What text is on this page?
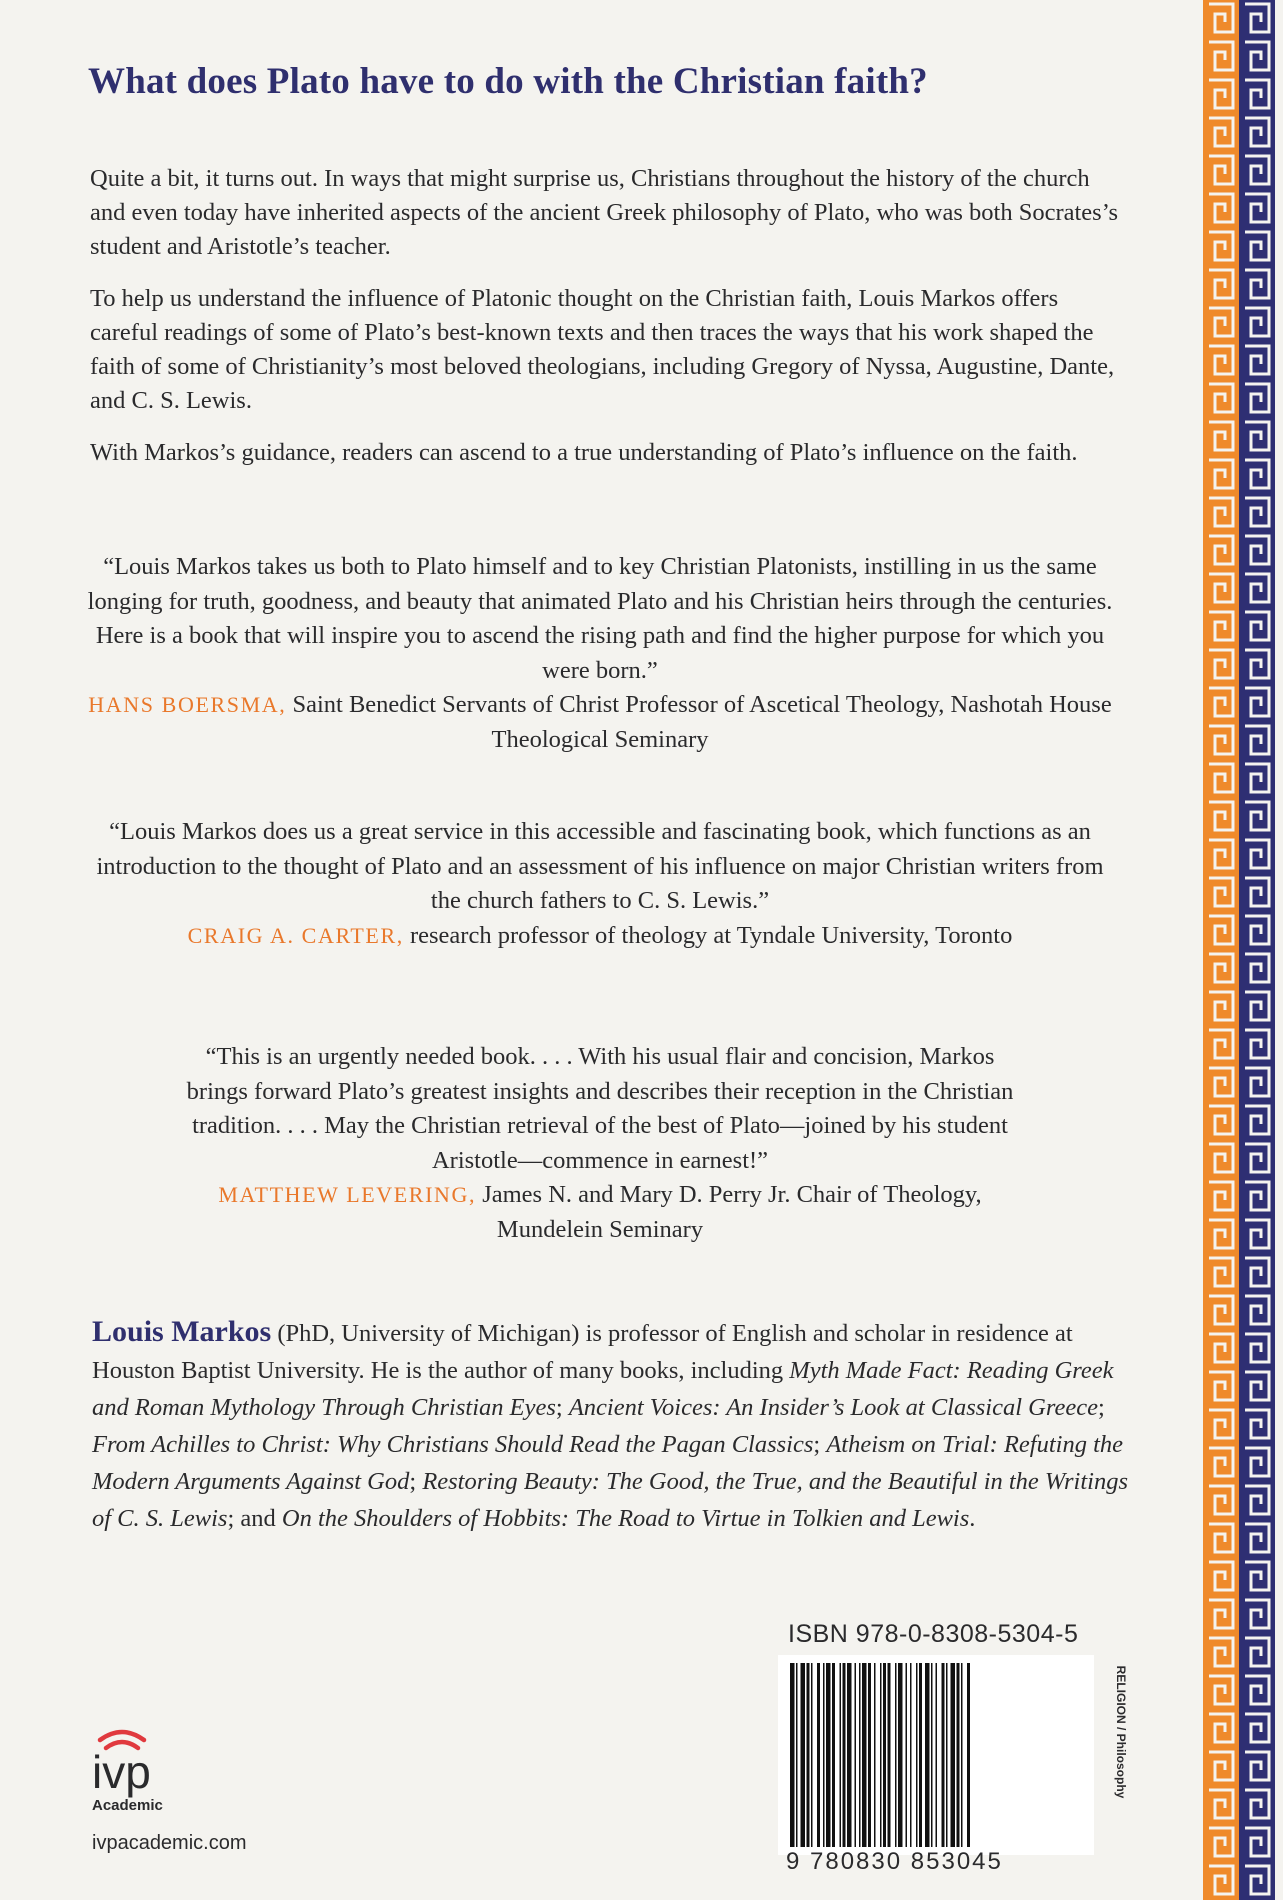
What does Plato have to do with the Christian faith?

Quite a bit, it turns out. In ways that might surprise us, Christians throughout the history of the church and even today have inherited aspects of the ancient Greek philosophy of Plato, who was both Socrates’s student and Aristotle’s teacher.

To help us understand the influence of Platonic thought on the Christian faith, Louis Markos offers careful readings of some of Plato’s best-known texts and then traces the ways that his work shaped the faith of some of Christianity’s most beloved theologians, including Gregory of Nyssa, Augustine, Dante, and C. S. Lewis.

With Markos’s guidance, readers can ascend to a true understanding of Plato’s influence on the faith.

“Louis Markos takes us both to Plato himself and to key Christian Platonists, instilling in us the same longing for truth, goodness, and beauty that animated Plato and his Christian heirs through the centuries. Here is a book that will inspire you to ascend the rising path and find the higher purpose for which you were born.”

HANS BOERSMA, Saint Benedict Servants of Christ Professor of Ascetical Theology, Nashotah House Theological Seminary

“Louis Markos does us a great service in this accessible and fascinating book, which functions as an introduction to the thought of Plato and an assessment of his influence on major Christian writers from the church fathers to C. S. Lewis.”

CRAIG A. CARTER, research professor of theology at Tyndale University, Toronto

“This is an urgently needed book. . . . With his usual flair and concision, Markos brings forward Plato’s greatest insights and describes their reception in the Christian tradition. . . . May the Christian retrieval of the best of Plato—joined by his student Aristotle—commence in earnest!”

MATTHEW LEVERING, James N. and Mary D. Perry Jr. Chair of Theology, Mundelein Seminary

Louis Markos (PhD, University of Michigan) is professor of English and scholar in residence at Houston Baptist University. He is the author of many books, including Myth Made Fact: Reading Greek and Roman Mythology Through Christian Eyes; Ancient Voices: An Insider’s Look at Classical Greece; From Achilles to Christ: Why Christians Should Read the Pagan Classics; Atheism on Trial: Refuting the Modern Arguments Against God; Restoring Beauty: The Good, the True, and the Beautiful in the Writings of C. S. Lewis; and On the Shoulders of Hobbits: The Road to Virtue in Tolkien and Lewis.
ivp
Academic
ivpacademic.com
ISBN 978-0-8308-5304-5
9 780830 853045
RELIGION / Philosophy
